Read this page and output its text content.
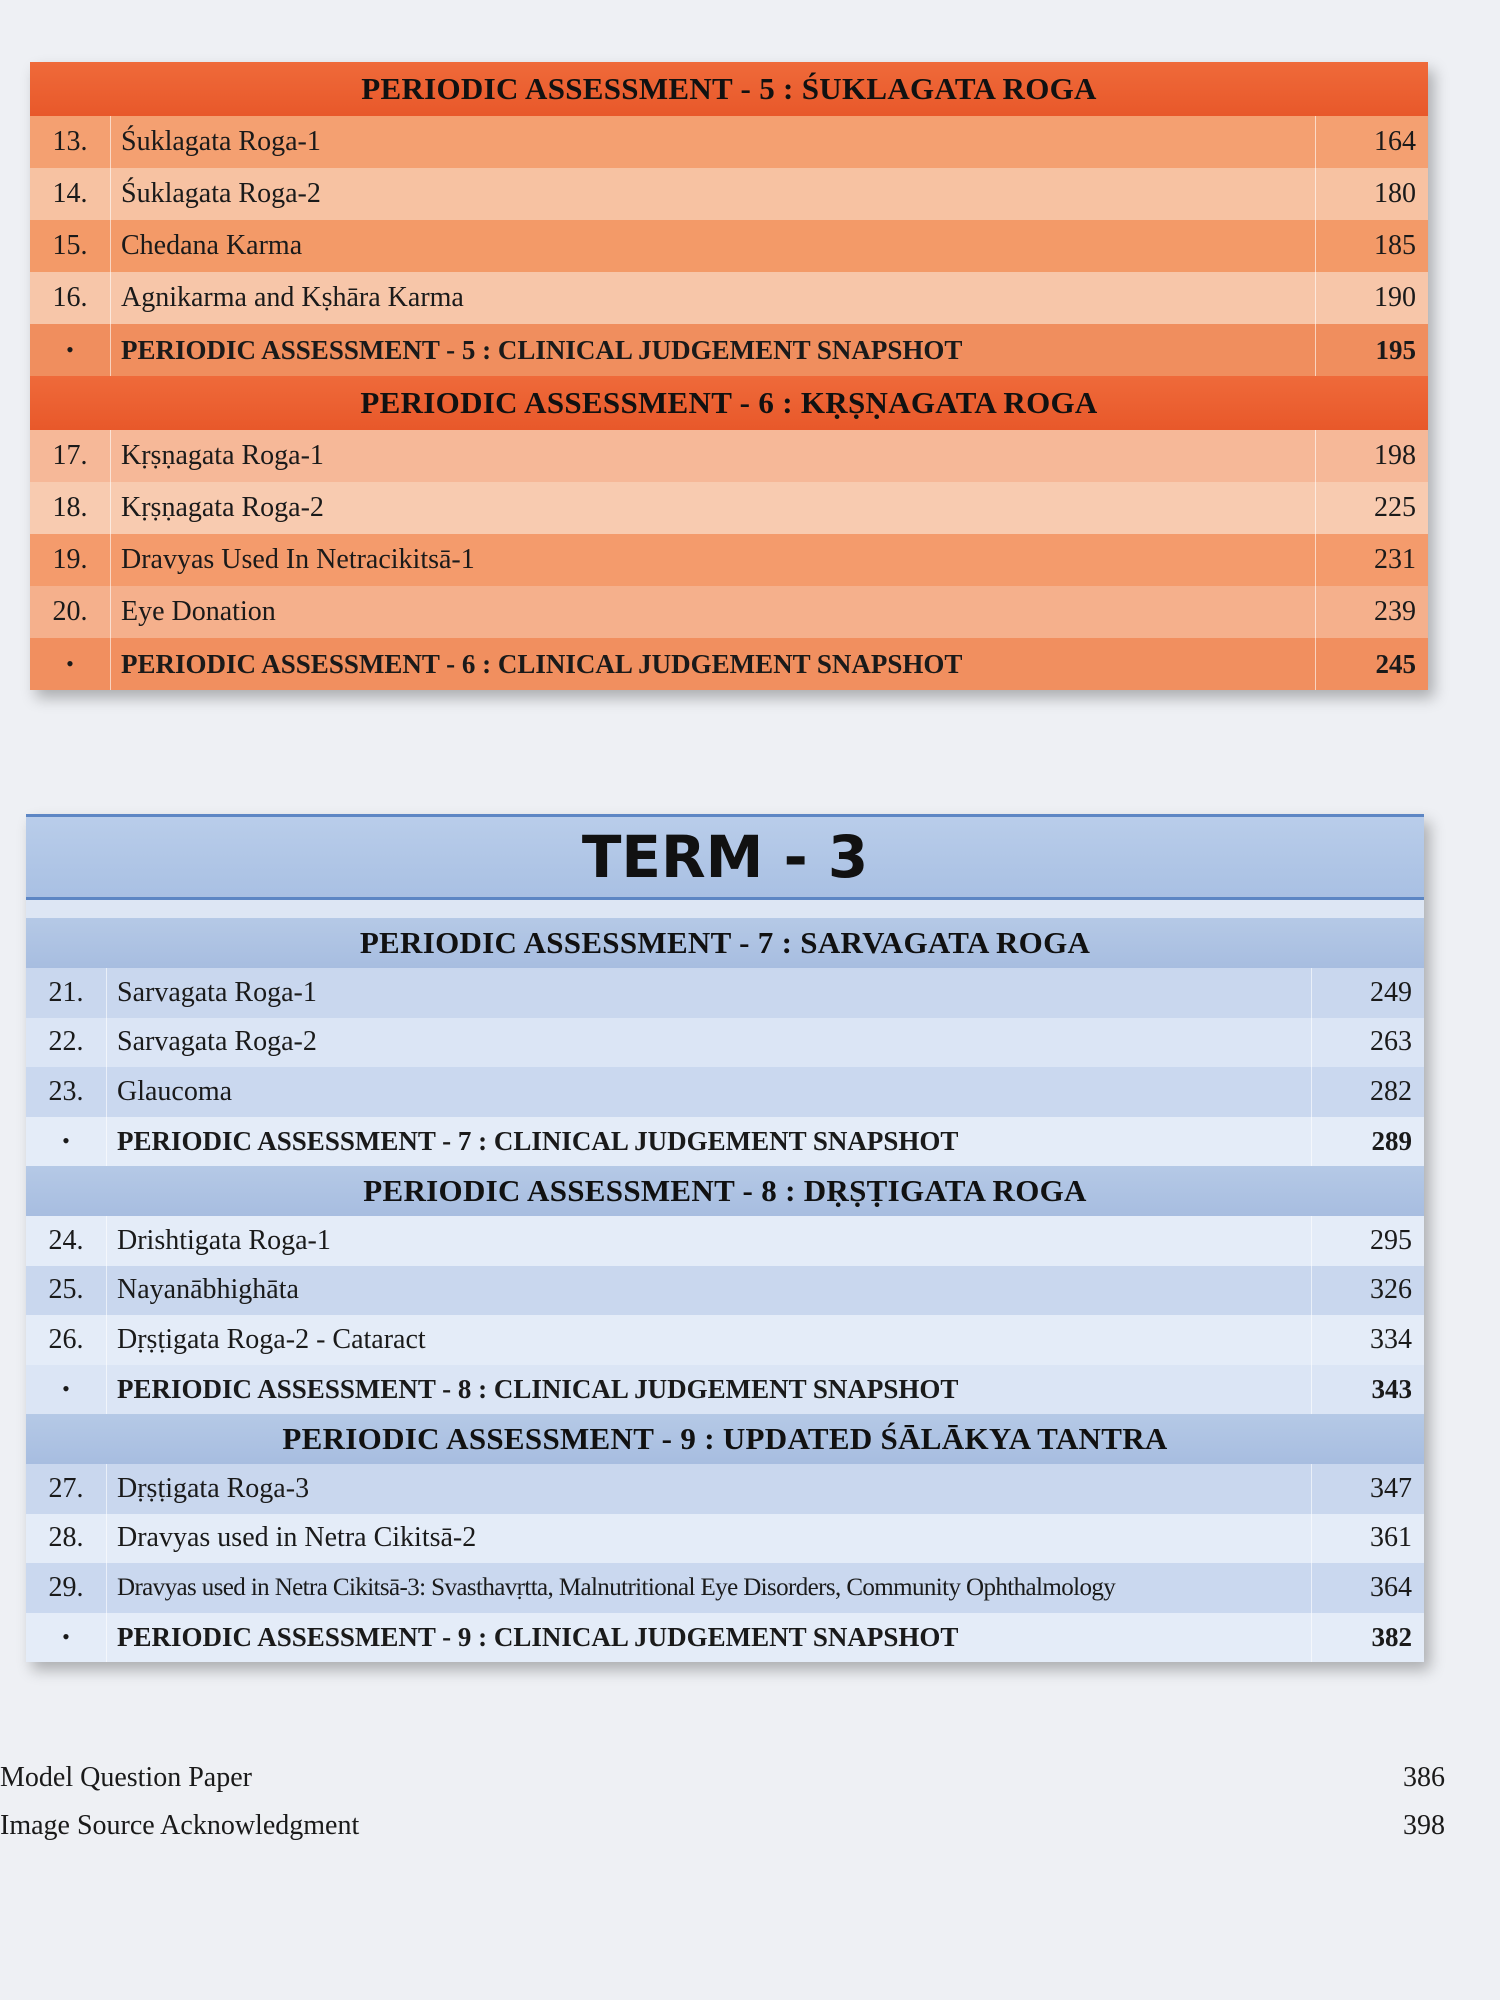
PERIODIC ASSESSMENT - 5 : ŚUKLAGATA ROGA
13.	Śuklagata Roga-1	164
14.	Śuklagata Roga-2	180
15.	Chedana Karma	185
16.	Agnikarma and Kṣhāra Karma	190
•	PERIODIC ASSESSMENT - 5 : CLINICAL JUDGEMENT SNAPSHOT	195
PERIODIC ASSESSMENT - 6 : KṚṢṆAGATA ROGA
17.	Kṛṣṇagata Roga-1	198
18.	Kṛṣṇagata Roga-2	225
19.	Dravyas Used In Netracikitsā-1	231
20.	Eye Donation	239
•	PERIODIC ASSESSMENT - 6 : CLINICAL JUDGEMENT SNAPSHOT	245
TERM - 3
PERIODIC ASSESSMENT - 7 : SARVAGATA ROGA
21.	Sarvagata Roga-1	249
22.	Sarvagata Roga-2	263
23.	Glaucoma	282
•	PERIODIC ASSESSMENT - 7 : CLINICAL JUDGEMENT SNAPSHOT	289
PERIODIC ASSESSMENT - 8 : DṚṢṬIGATA ROGA
24.	Drishtigata Roga-1	295
25.	Nayanābhighāta	326
26.	Dṛṣṭigata Roga-2 - Cataract	334
•	PERIODIC ASSESSMENT - 8 : CLINICAL JUDGEMENT SNAPSHOT	343
PERIODIC ASSESSMENT - 9 : UPDATED ŚĀLĀKYA TANTRA
27.	Dṛṣṭigata Roga-3	347
28.	Dravyas used in Netra Cikitsā-2	361
29.	Dravyas used in Netra Cikitsā-3: Svasthavṛtta, Malnutritional Eye Disorders, Community Ophthalmology	364
•	PERIODIC ASSESSMENT - 9 : CLINICAL JUDGEMENT SNAPSHOT	382
Model Question Paper	386
Image Source Acknowledgment	398
